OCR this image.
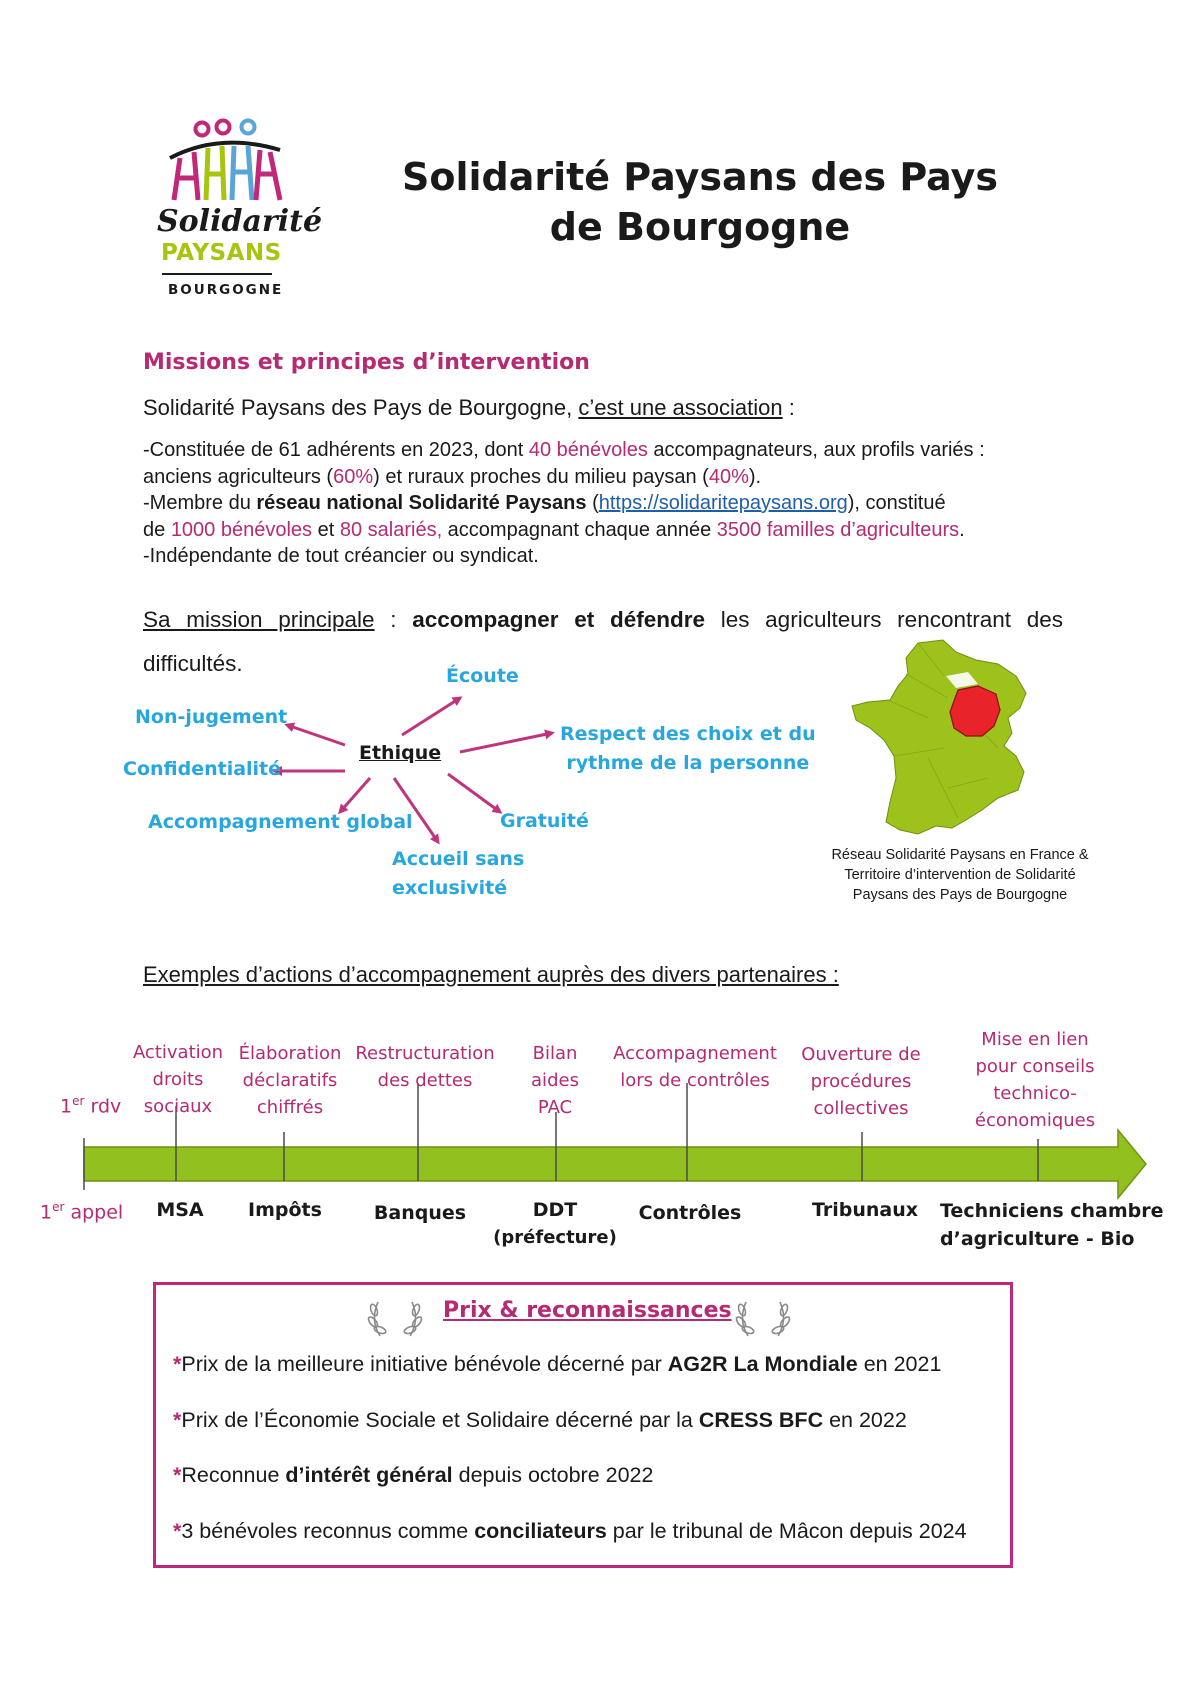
Solidarité
PAYSANS
BOURGOGNE
Solidarité Paysans des Pays de Bourgogne
Missions et principes d’intervention
Solidarité Paysans des Pays de Bourgogne, c’est une association :
-Constituée de 61 adhérents en 2023, dont 40 bénévoles accompagnateurs, aux profils variés :
anciens agriculteurs (60%) et ruraux proches du milieu paysan (40%).
-Membre du réseau national Solidarité Paysans (https://solidaritepaysans.org), constitué
de 1000 bénévoles et 80 salariés, accompagnant chaque année 3500 familles d’agriculteurs.
-Indépendante de tout créancier ou syndicat.
Sa mission principale : accompagner et défendre les agriculteurs rencontrant des difficultés.
Ethique
Écoute
Non-jugement
Confidentialité
Accompagnement global
Accueil sans
exclusivité
Gratuité
Respect des choix et du
rythme de la personne
Réseau Solidarité Paysans en France &
Territoire d’intervention de Solidarité
Paysans des Pays de Bourgogne
Exemples d’actions d’accompagnement auprès des divers partenaires :
1er rdv
Activation
droits
sociaux
Élaboration
déclaratifs
chiffrés
Restructuration
des dettes
Bilan
aides
PAC
Accompagnement
lors de contrôles
Ouverture de
procédures
collectives
Mise en lien
pour conseils
technico-
économiques
1er appel	MSA	Impôts	Banques	DDT
(préfecture)
Contrôles	Tribunaux	Techniciens chambre
d’agriculture - Bio
Prix & reconnaissances
*Prix de la meilleure initiative bénévole décerné par AG2R La Mondiale en 2021
*Prix de l’Économie Sociale et Solidaire décerné par la CRESS BFC en 2022
*Reconnue d’intérêt général depuis octobre 2022
*3 bénévoles reconnus comme conciliateurs par le tribunal de Mâcon depuis 2024
